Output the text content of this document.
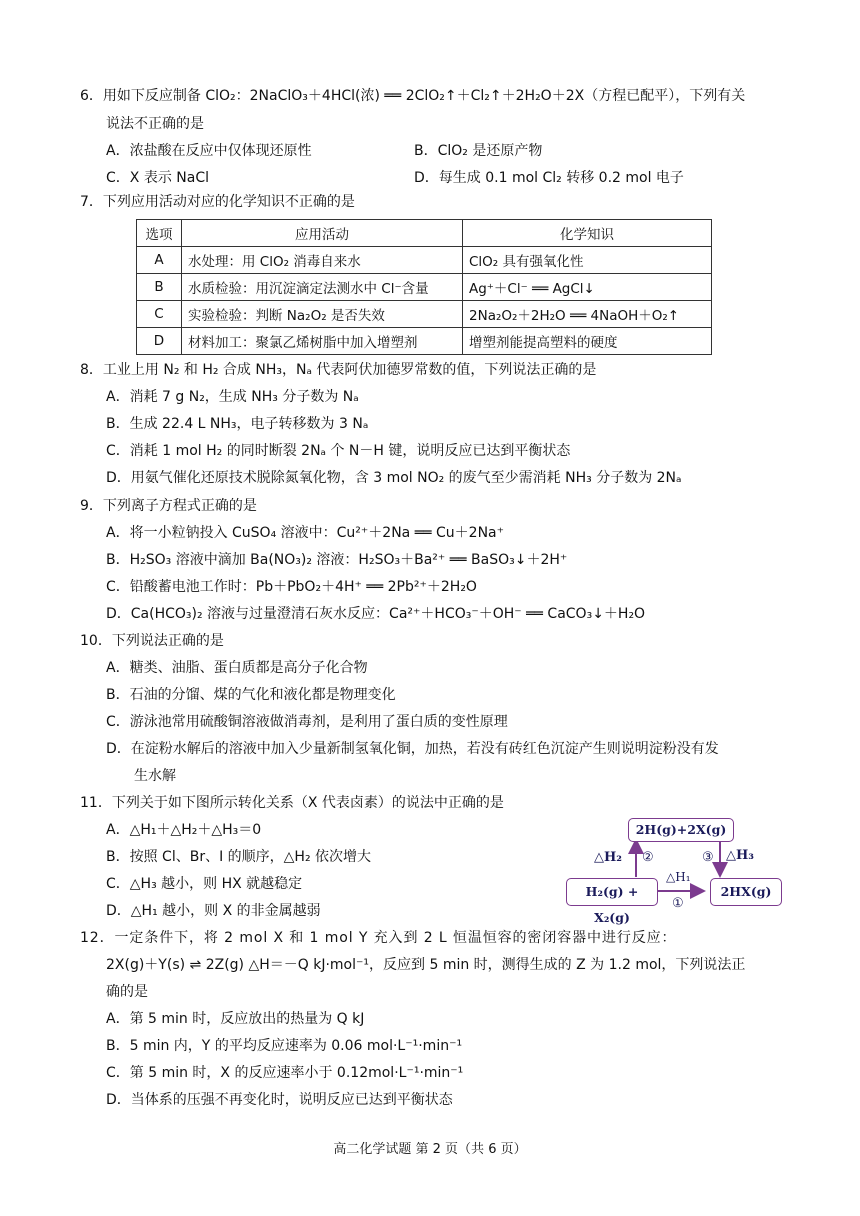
6．用如下反应制备 ClO₂：2NaClO₃＋4HCl(浓) ══ 2ClO₂↑＋Cl₂↑＋2H₂O＋2X（方程已配平），下列有关
说法不正确的是
A．浓盐酸在反应中仅体现还原性	B．ClO₂ 是还原产物
C．X 表示 NaCl	D．每生成 0.1 mol Cl₂ 转移 0.2 mol 电子
7．下列应用活动对应的化学知识不正确的是
选项	应用活动	化学知识
A	水处理：用 ClO₂ 消毒自来水	ClO₂ 具有强氧化性
B	水质检验：用沉淀滴定法测水中 Cl⁻含量	Ag⁺＋Cl⁻ ══ AgCl↓
C	实验检验：判断 Na₂O₂ 是否失效	2Na₂O₂＋2H₂O ══ 4NaOH＋O₂↑
D	材料加工：聚氯乙烯树脂中加入增塑剂	增塑剂能提高塑料的硬度
8．工业上用 N₂ 和 H₂ 合成 NH₃，Nₐ 代表阿伏加德罗常数的值，下列说法正确的是
A．消耗 7 g N₂，生成 NH₃ 分子数为 Nₐ
B．生成 22.4 L NH₃，电子转移数为 3 Nₐ
C．消耗 1 mol H₂ 的同时断裂 2Nₐ 个 N－H 键，说明反应已达到平衡状态
D．用氨气催化还原技术脱除氮氧化物，含 3 mol NO₂ 的废气至少需消耗 NH₃ 分子数为 2Nₐ
9．下列离子方程式正确的是
A．将一小粒钠投入 CuSO₄ 溶液中：Cu²⁺＋2Na ══ Cu＋2Na⁺
B．H₂SO₃ 溶液中滴加 Ba(NO₃)₂ 溶液：H₂SO₃＋Ba²⁺ ══ BaSO₃↓＋2H⁺
C．铅酸蓄电池工作时：Pb＋PbO₂＋4H⁺ ══ 2Pb²⁺＋2H₂O
D．Ca(HCO₃)₂ 溶液与过量澄清石灰水反应：Ca²⁺＋HCO₃⁻＋OH⁻ ══ CaCO₃↓＋H₂O
10．下列说法正确的是
A．糖类、油脂、蛋白质都是高分子化合物
B．石油的分馏、煤的气化和液化都是物理变化
C．游泳池常用硫酸铜溶液做消毒剂，是利用了蛋白质的变性原理
D．在淀粉水解后的溶液中加入少量新制氢氧化铜，加热，若没有砖红色沉淀产生则说明淀粉没有发
生水解
11．下列关于如下图所示转化关系（X 代表卤素）的说法中正确的是
A．△H₁＋△H₂＋△H₃＝0
B．按照 Cl、Br、I 的顺序，△H₂ 依次增大
C．△H₃ 越小，则 HX 就越稳定
D．△H₁ 越小，则 X 的非金属越弱
2H(g)+2X(g)
H₂(g) + X₂(g)
2HX(g)
△H₂ ②	③ △H₃
△H₁
①
12．一定条件下，将 2 mol X 和 1 mol Y 充入到 2 L 恒温恒容的密闭容器中进行反应：
2X(g)＋Y(s) ⇌ 2Z(g) △H＝－Q kJ·mol⁻¹，反应到 5 min 时，测得生成的 Z 为 1.2 mol，下列说法正
确的是
A．第 5 min 时，反应放出的热量为 Q kJ
B．5 min 内，Y 的平均反应速率为 0.06 mol·L⁻¹·min⁻¹
C．第 5 min 时，X 的反应速率小于 0.12mol·L⁻¹·min⁻¹
D．当体系的压强不再变化时，说明反应已达到平衡状态
高二化学试题 第 2 页（共 6 页）
